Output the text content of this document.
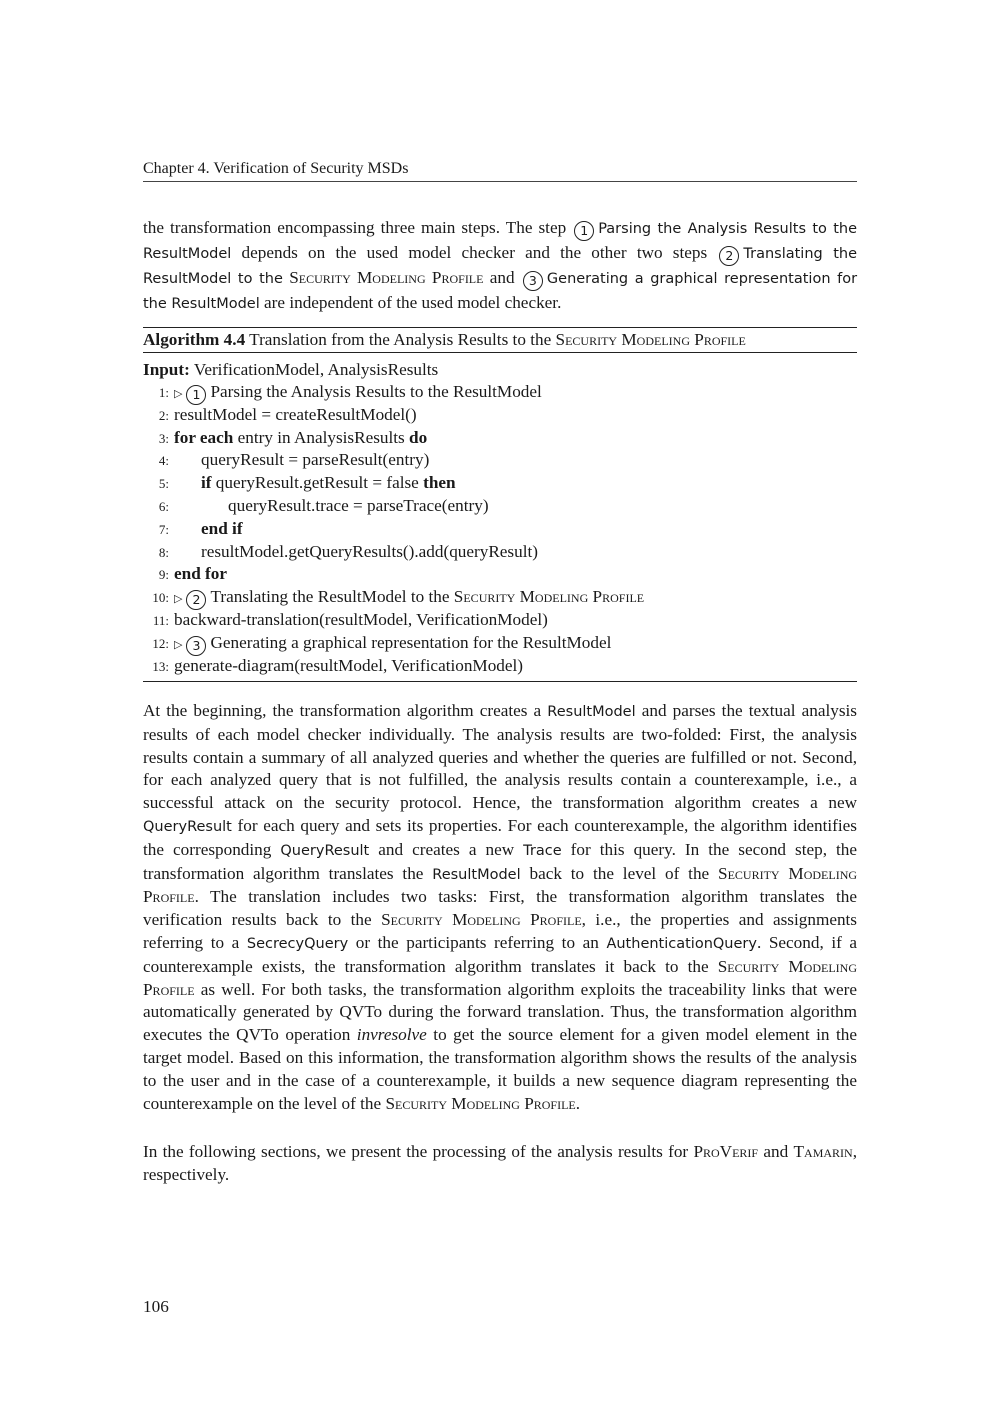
Chapter 4. Verification of Security MSDs

the transformation encompassing three main steps. The step 1 Parsing the Analysis Results to the ResultModel depends on the used model checker and the other two steps 2 Translating the ResultModel to the Security Modeling Profile and 3 Generating a graphical representation for the ResultModel are independent of the used model checker.

Algorithm 4.4 Translation from the Analysis Results to the Security Modeling Profile
Input: VerificationModel, AnalysisResults
1: ▷ 1 Parsing the Analysis Results to the ResultModel
2: resultModel = createResultModel()
3: for each entry in AnalysisResults do
4:	queryResult = parseResult(entry)
5:	if queryResult.getResult = false then
6:	queryResult.trace = parseTrace(entry)
7:	end if
8:	resultModel.getQueryResults().add(queryResult)
9: end for
10: ▷ 2 Translating the ResultModel to the Security Modeling Profile
11: backward-translation(resultModel, VerificationModel)
12: ▷ 3 Generating a graphical representation for the ResultModel
13: generate-diagram(resultModel, VerificationModel)

At the beginning, the transformation algorithm creates a ResultModel and parses the textual analysis results of each model checker individually. The analysis results are two-folded: First, the analysis results contain a summary of all analyzed queries and whether the queries are fulfilled or not. Second, for each analyzed query that is not fulfilled, the analysis results contain a counterexample, i.e., a successful attack on the security protocol. Hence, the transformation algorithm creates a new QueryResult for each query and sets its properties. For each counterexample, the algorithm identifies the corresponding QueryResult and creates a new Trace for this query. In the second step, the transformation algorithm translates the ResultModel back to the level of the Security Modeling Profile. The translation includes two tasks: First, the transformation algorithm translates the verification results back to the Security Modeling Profile, i.e., the properties and assignments referring to a SecrecyQuery or the participants referring to an AuthenticationQuery. Second, if a counterexample exists, the transformation algorithm translates it back to the Security Modeling Profile as well. For both tasks, the transformation algorithm exploits the traceability links that were automatically generated by QVTo during the forward translation. Thus, the transformation algorithm executes the QVTo operation invresolve to get the source element for a given model element in the target model. Based on this information, the transformation algorithm shows the results of the analysis to the user and in the case of a counterexample, it builds a new sequence diagram representing the counterexample on the level of the Security Modeling Profile.

In the following sections, we present the processing of the analysis results for ProVerif and Tamarin, respectively.

106
